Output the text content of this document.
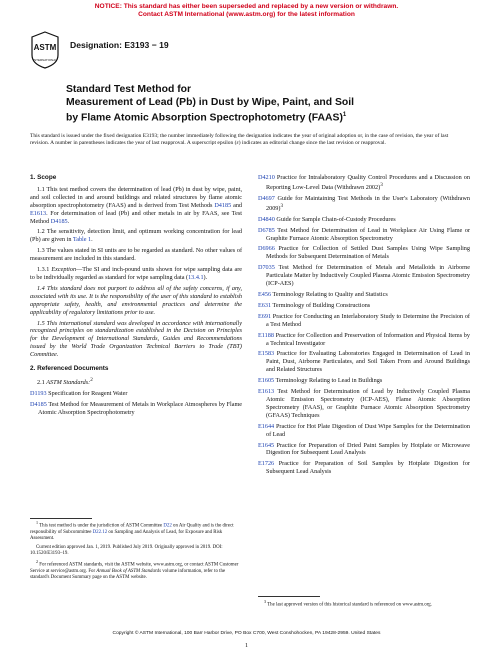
NOTICE: This standard has either been superseded and replaced by a new version or withdrawn.
Contact ASTM International (www.astm.org) for the latest information
ASTM
INTERNATIONAL
Designation: E3193 − 19
Standard Test Method for
Measurement of Lead (Pb) in Dust by Wipe, Paint, and Soil
by Flame Atomic Absorption Spectrophotometry (FAAS)$^1$
This standard is issued under the fixed designation E3193; the number immediately following the designation indicates the year of original adoption or, in the case of revision, the year of last revision. A number in parentheses indicates the year of last reapproval. A superscript epsilon (ε) indicates an editorial change since the last revision or reapproval.
1. Scope

1.1 This test method covers the determination of lead (Pb) in dust by wipe, paint, and soil collected in and around buildings and related structures by flame atomic absorption spectrophotometry (FAAS) and is derived from Test Methods D4185 and E1613. For determination of lead (Pb) and other metals in air by FAAS, see Test Method D4185.

1.2 The sensitivity, detection limit, and optimum working concentration for lead (Pb) are given in Table 1.

1.3 The values stated in SI units are to be regarded as standard. No other values of measurement are included in this standard.

1.3.1 Exception—The SI and inch-pound units shown for wipe sampling data are to be individually regarded as standard for wipe sampling data (13.4.1).

1.4 This standard does not purport to address all of the safety concerns, if any, associated with its use. It is the responsibility of the user of this standard to establish appropriate safety, health, and environmental practices and determine the applicability of regulatory limitations prior to use.

1.5 This international standard was developed in accordance with internationally recognized principles on standardization established in the Decision on Principles for the Development of International Standards, Guides and Recommendations issued by the World Trade Organization Technical Barriers to Trade (TBT) Committee.

2. Referenced Documents

2.1 ASTM Standards:$^2$

D1193 Specification for Reagent Water

D4185 Test Method for Measurement of Metals in Workplace Atmospheres by Flame Atomic Absorption Spectrophotometry

$^1$ This test method is under the jurisdiction of ASTM Committee D22 on Air Quality and is the direct responsibility of Subcommittee D22.12 on Sampling and Analysis of Lead, for Exposure and Risk Assessment.

Current edition approved Jan. 1, 2019. Published July 2019. Originally approved in 2019. DOI: 10.1520/E3193–19.

$^2$ For referenced ASTM standards, visit the ASTM website, www.astm.org, or contact ASTM Customer Service at service@astm.org. For Annual Book of ASTM Standards volume information, refer to the standard's Document Summary page on the ASTM website.

D4210 Practice for Intralaboratory Quality Control Procedures and a Discussion on Reporting Low-Level Data (Withdrawn 2002)$^3$

D4697 Guide for Maintaining Test Methods in the User's Laboratory (Withdrawn 2009)$^3$

D4840 Guide for Sample Chain-of-Custody Procedures

D6785 Test Method for Determination of Lead in Workplace Air Using Flame or Graphite Furnace Atomic Absorption Spectrometry

D6966 Practice for Collection of Settled Dust Samples Using Wipe Sampling Methods for Subsequent Determination of Metals

D7035 Test Method for Determination of Metals and Metalloids in Airborne Particulate Matter by Inductively Coupled Plasma Atomic Emission Spectrometry (ICP-AES)

E456 Terminology Relating to Quality and Statistics

E631 Terminology of Building Constructions

E691 Practice for Conducting an Interlaboratory Study to Determine the Precision of a Test Method

E1188 Practice for Collection and Preservation of Information and Physical Items by a Technical Investigator

E1583 Practice for Evaluating Laboratories Engaged in Determination of Lead in Paint, Dust, Airborne Particulates, and Soil Taken From and Around Buildings and Related Structures

E1605 Terminology Relating to Lead in Buildings

E1613 Test Method for Determination of Lead by Inductively Coupled Plasma Atomic Emission Spectrometry (ICP-AES), Flame Atomic Absorption Spectrometry (FAAS), or Graphite Furnace Atomic Absorption Spectrometry (GFAAS) Techniques

E1644 Practice for Hot Plate Digestion of Dust Wipe Samples for the Determination of Lead

E1645 Practice for Preparation of Dried Paint Samples by Hotplate or Microwave Digestion for Subsequent Lead Analysis

E1726 Practice for Preparation of Soil Samples by Hotplate Digestion for Subsequent Lead Analysis

$^3$ The last approved version of this historical standard is referenced on www.astm.org.

Copyright © ASTM International, 100 Barr Harbor Drive, PO Box C700, West Conshohocken, PA 19428-2959. United States
1
